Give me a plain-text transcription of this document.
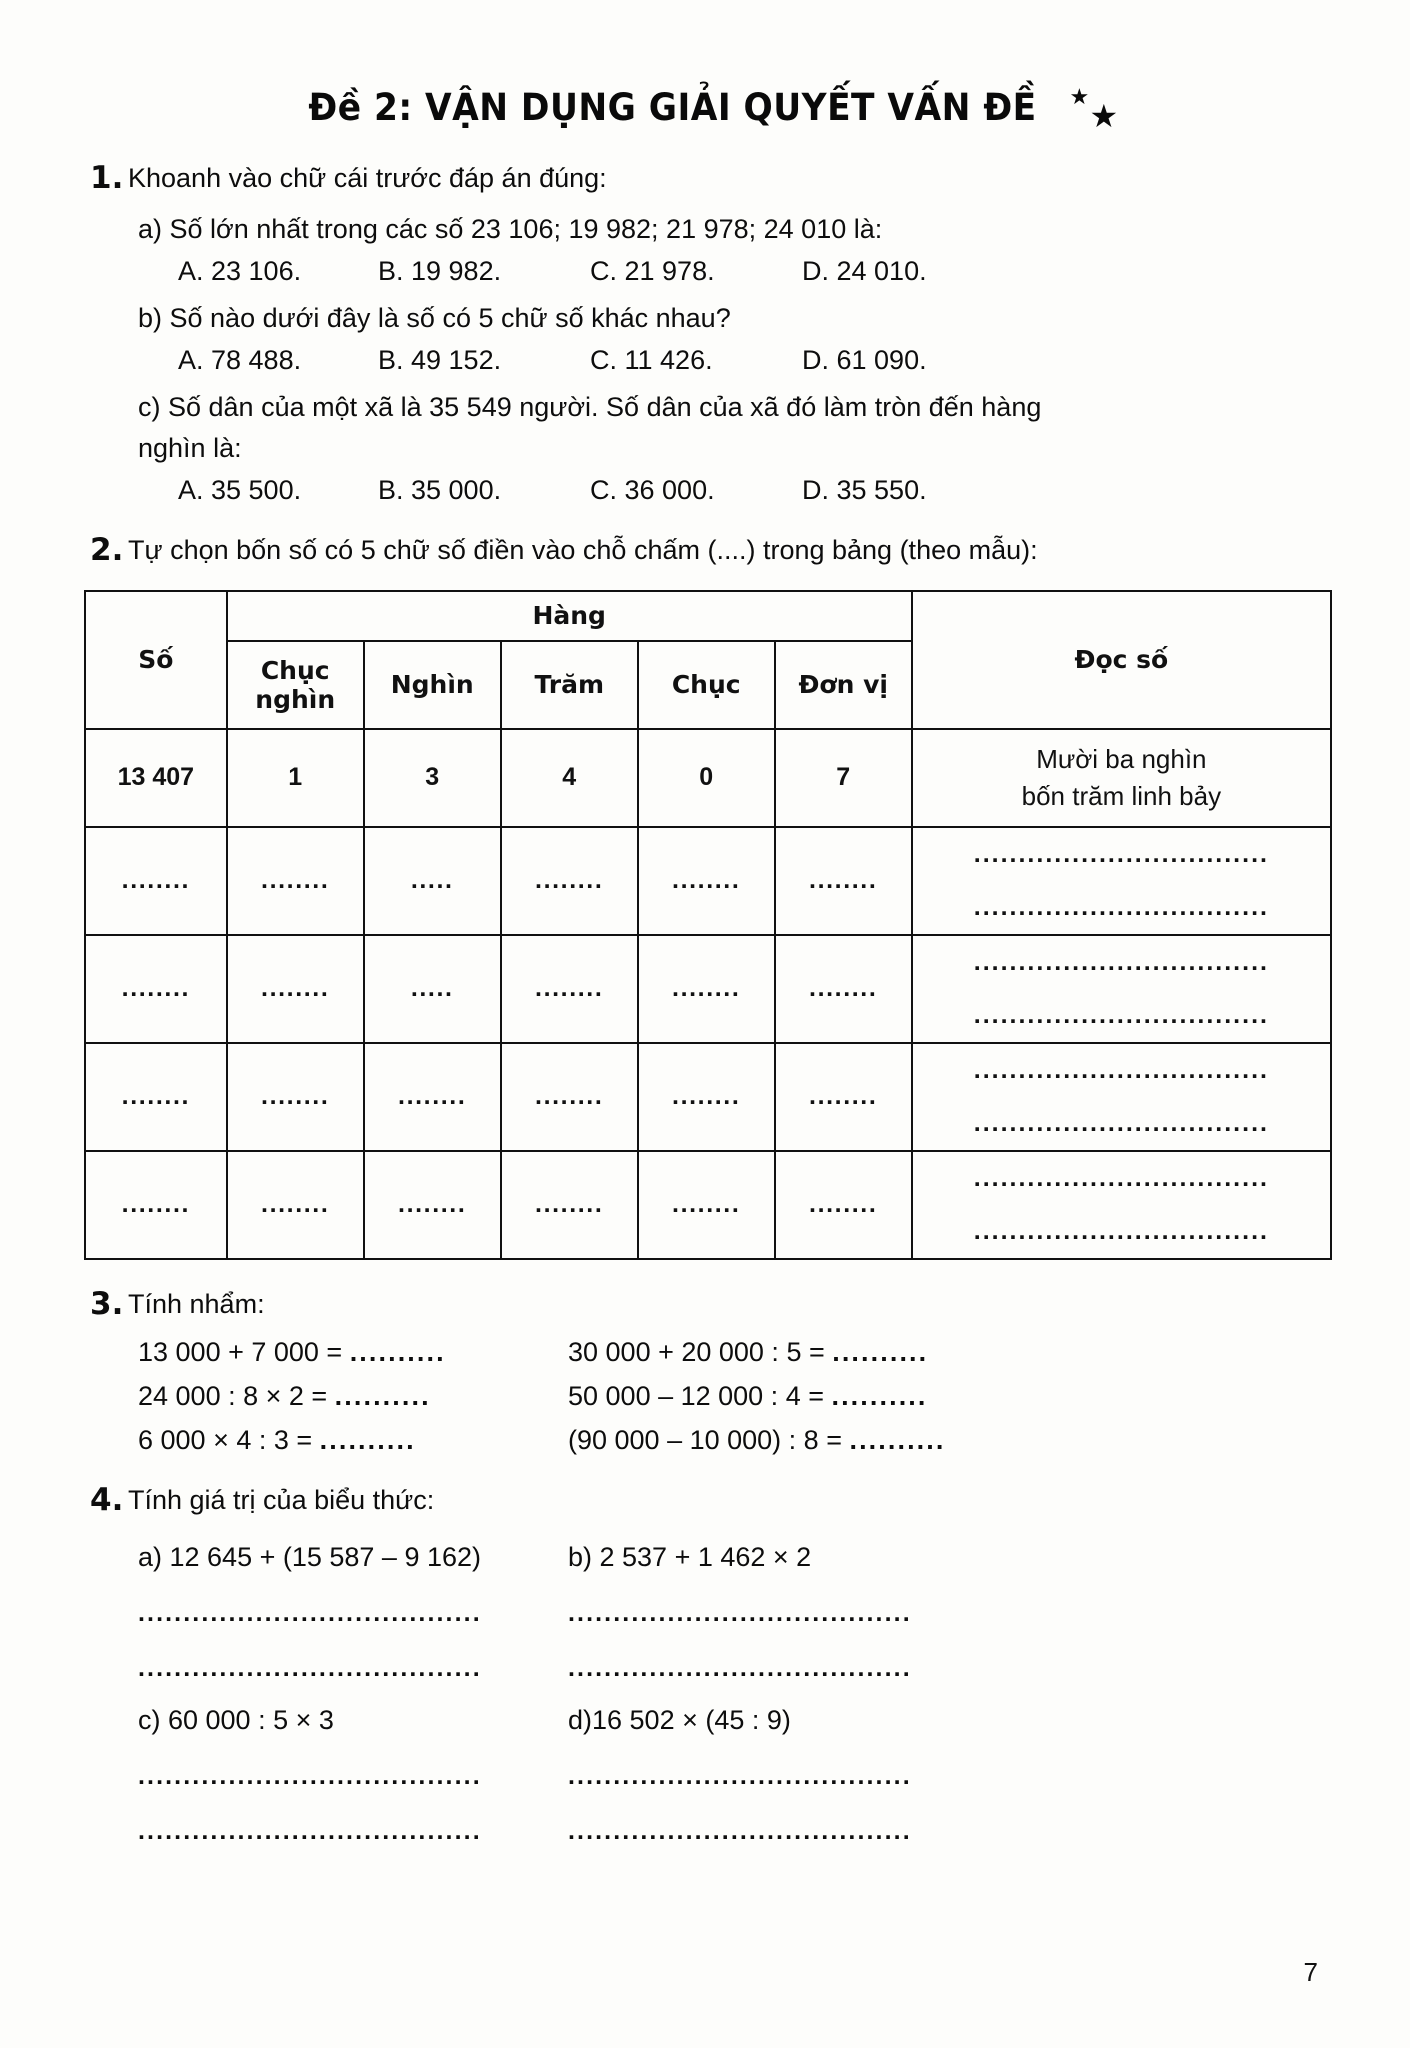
Đề 2: VẬN DỤNG GIẢI QUYẾT VẤN ĐỀ ★
★
1. Khoanh vào chữ cái trước đáp án đúng:
a) Số lớn nhất trong các số 23 106; 19 982; 21 978; 24 010 là:
A. 23 106.	B. 19 982.	C. 21 978.	D. 24 010.
b) Số nào dưới đây là số có 5 chữ số khác nhau?
A. 78 488.	B. 49 152.	C. 11 426.	D. 61 090.
c) Số dân của một xã là 35 549 người. Số dân của xã đó làm tròn đến hàng
nghìn là:
A. 35 500.	B. 35 000.	C. 36 000.	D. 35 550.
2. Tự chọn bốn số có 5 chữ số điền vào chỗ chấm (....) trong bảng (theo mẫu):
Số	Hàng					Đọc số
	Chục nghìn	Nghìn	Trăm	Chục	Đơn vị	
13 407	1	3	4	0	7	Mười ba nghìn
bốn trăm linh bảy

........	........	.....	........	........	........	.................................
.................................

........	........	.....	........	........	........	.................................
.................................

........	........	........	........	........	........	.................................
.................................

........	........	........	........	........	........	.................................
.................................
3. Tính nhẩm:
13 000 + 7 000 = ..........	30 000 + 20 000 : 5 = ..........
24 000 : 8 × 2 = ..........	50 000 – 12 000 : 4 = ..........
6 000 × 4 : 3 = ..........	(90 000 – 10 000) : 8 = ..........
4. Tính giá trị của biểu thức:
a) 12 645 + (15 587 – 9 162)	b) 2 537 + 1 462 × 2
......................................	......................................
......................................	......................................
c) 60 000 : 5 × 3	d)16 502 × (45 : 9)
......................................	......................................
......................................	......................................
7
